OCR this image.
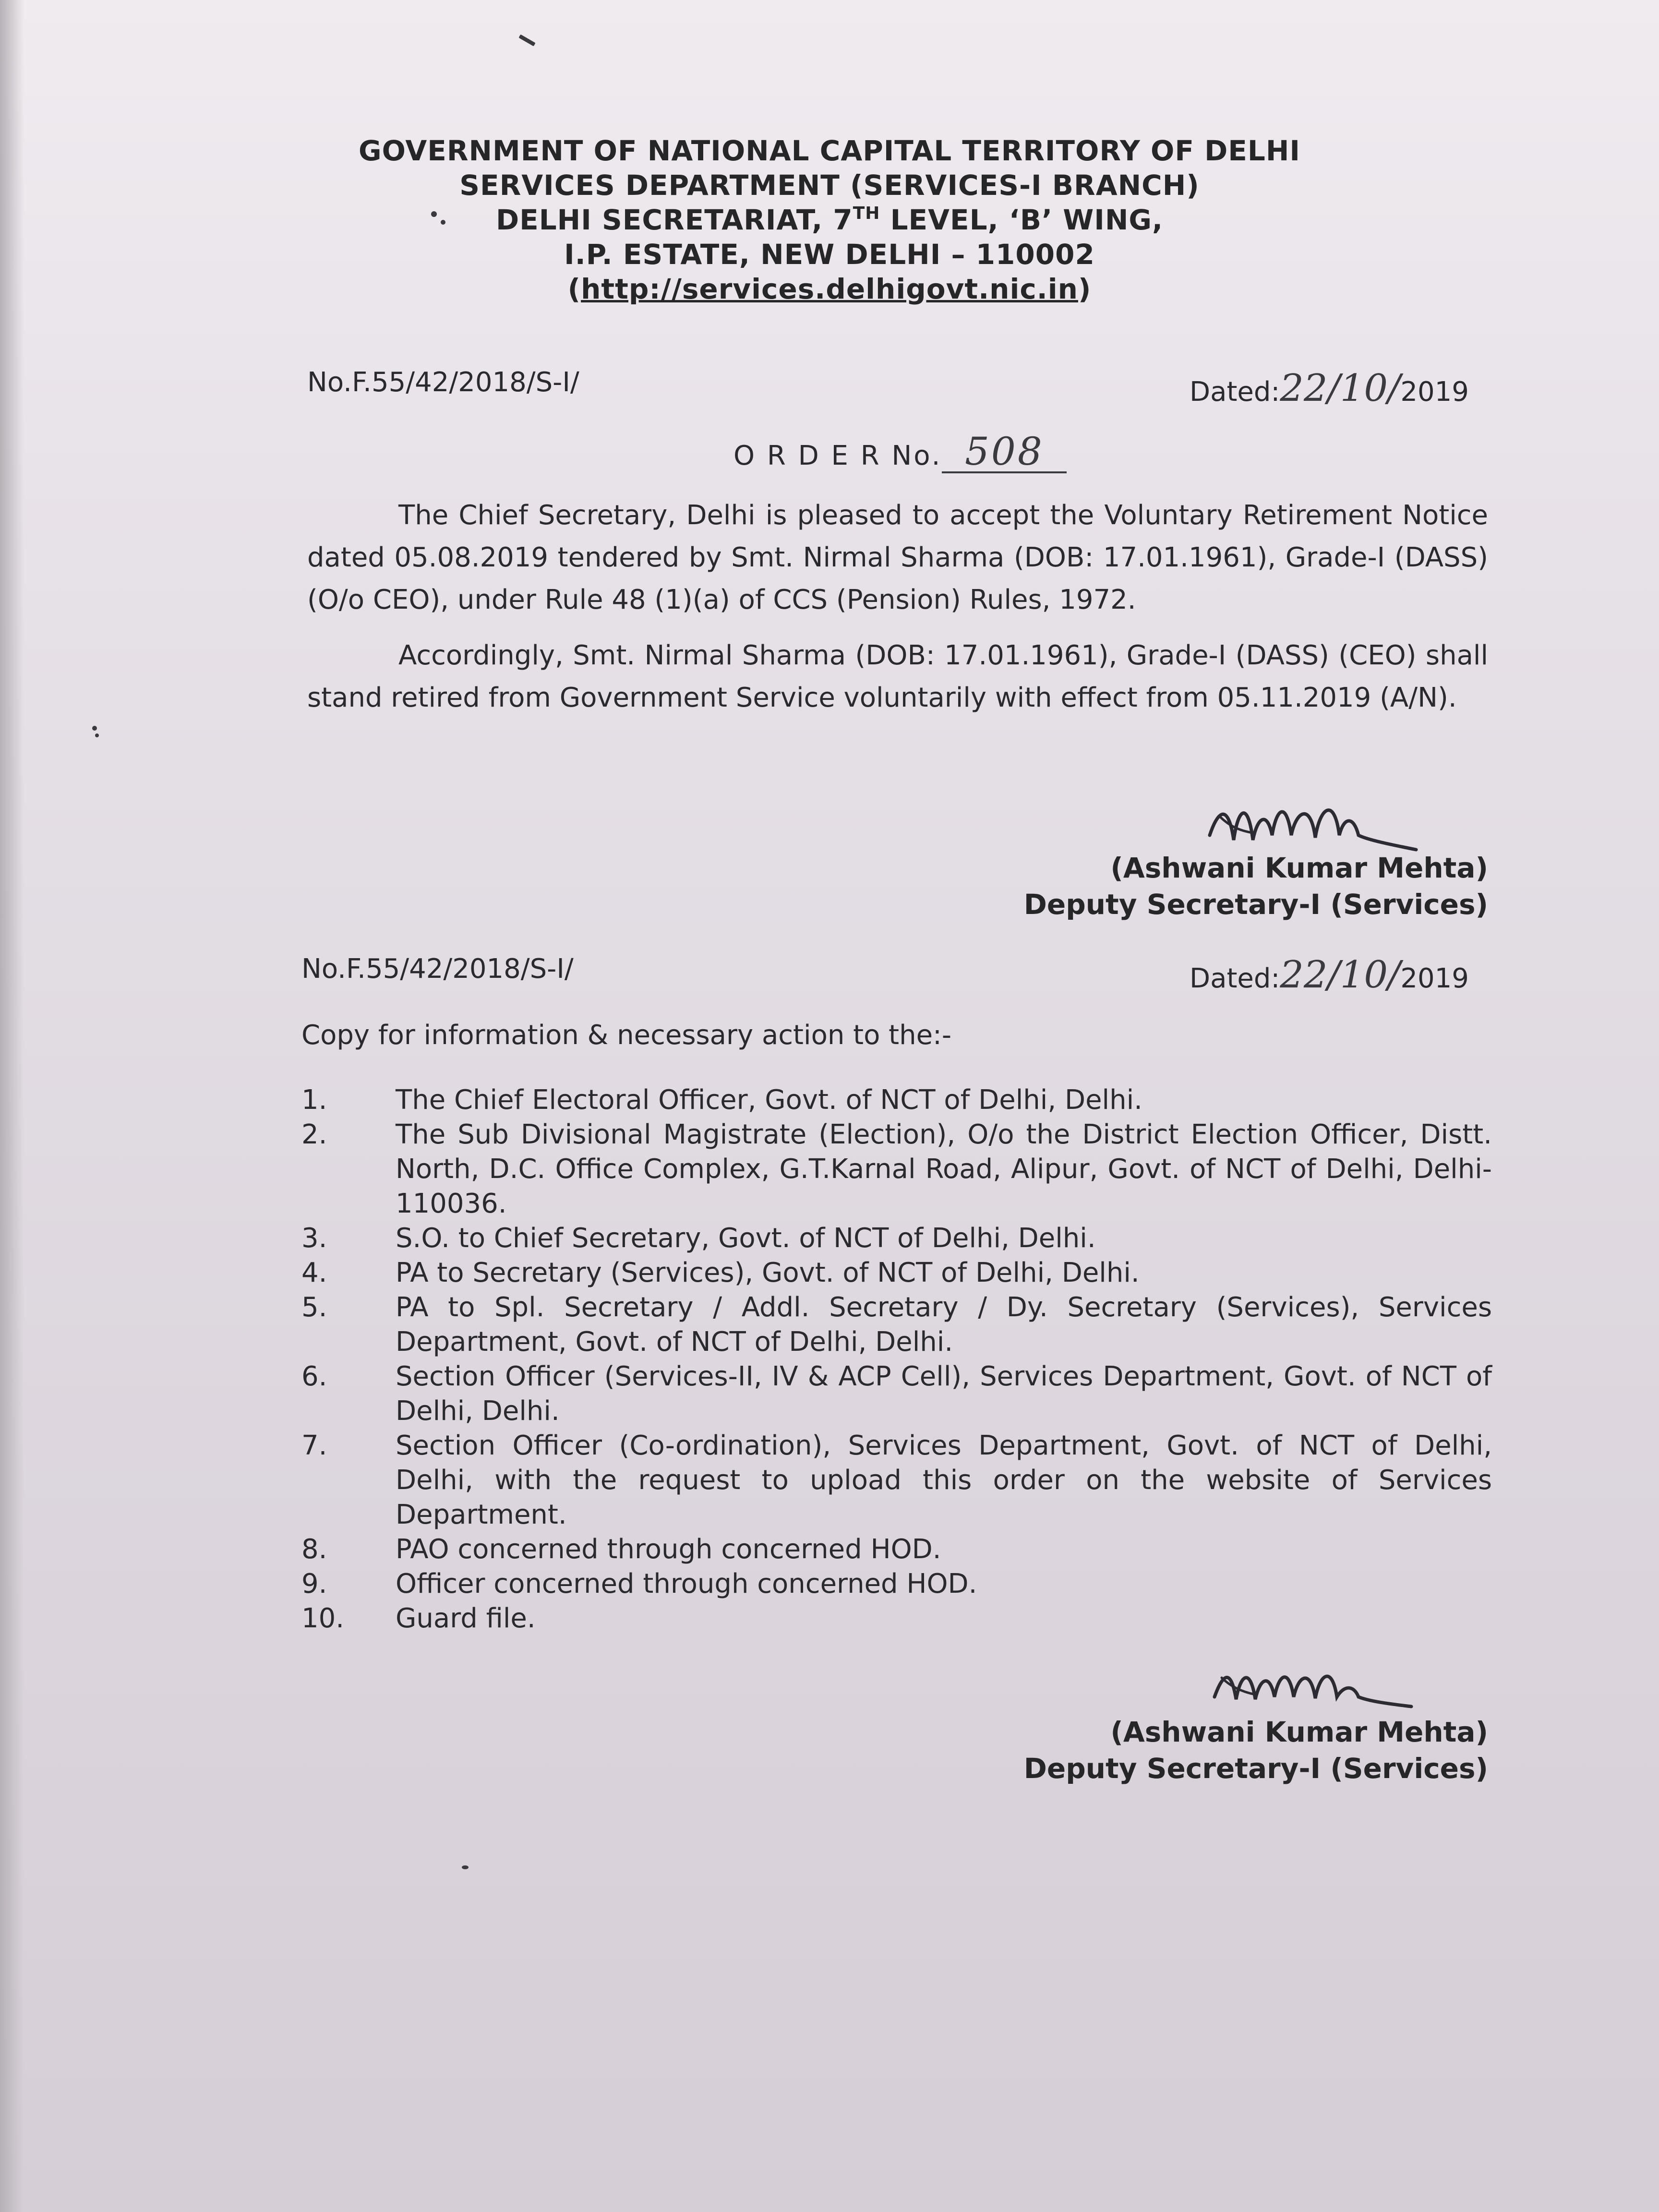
GOVERNMENT OF NATIONAL CAPITAL TERRITORY OF DELHI
SERVICES DEPARTMENT (SERVICES-I BRANCH)
DELHI SECRETARIAT, 7TH LEVEL, ‘B’ WING,
I.P. ESTATE, NEW DELHI – 110002
(http://services.delhigovt.nic.in)
No.F.55/42/2018/S-I/	Dated:22/10/2019
O R D E R No. 508
The Chief Secretary, Delhi is pleased to accept the Voluntary Retirement Notice dated 05.08.2019 tendered by Smt. Nirmal Sharma (DOB: 17.01.1961), Grade-I (DASS) (O/o CEO), under Rule 48 (1)(a) of CCS (Pension) Rules, 1972.
Accordingly, Smt. Nirmal Sharma (DOB: 17.01.1961), Grade-I (DASS) (CEO) shall stand retired from Government Service voluntarily with effect from 05.11.2019 (A/N).
(Ashwani Kumar Mehta)
Deputy Secretary-I (Services)
No.F.55/42/2018/S-I/	Dated:22/10/2019
Copy for information & necessary action to the:-
1.	The Chief Electoral Officer, Govt. of NCT of Delhi, Delhi.
2.	The Sub Divisional Magistrate (Election), O/o the District Election Officer, Distt. North, D.C. Office Complex, G.T.Karnal Road, Alipur, Govt. of NCT of Delhi, Delhi-110036.
3.	S.O. to Chief Secretary, Govt. of NCT of Delhi, Delhi.
4.	PA to Secretary (Services), Govt. of NCT of Delhi, Delhi.
5.	PA to Spl. Secretary / Addl. Secretary / Dy. Secretary (Services), Services Department, Govt. of NCT of Delhi, Delhi.
6.	Section Officer (Services-II, IV & ACP Cell), Services Department, Govt. of NCT of Delhi, Delhi.
7.	Section Officer (Co-ordination), Services Department, Govt. of NCT of Delhi, Delhi, with the request to upload this order on the website of Services Department.
8.	PAO concerned through concerned HOD.
9.	Officer concerned through concerned HOD.
10. Guard file.
(Ashwani Kumar Mehta)
Deputy Secretary-I (Services)
